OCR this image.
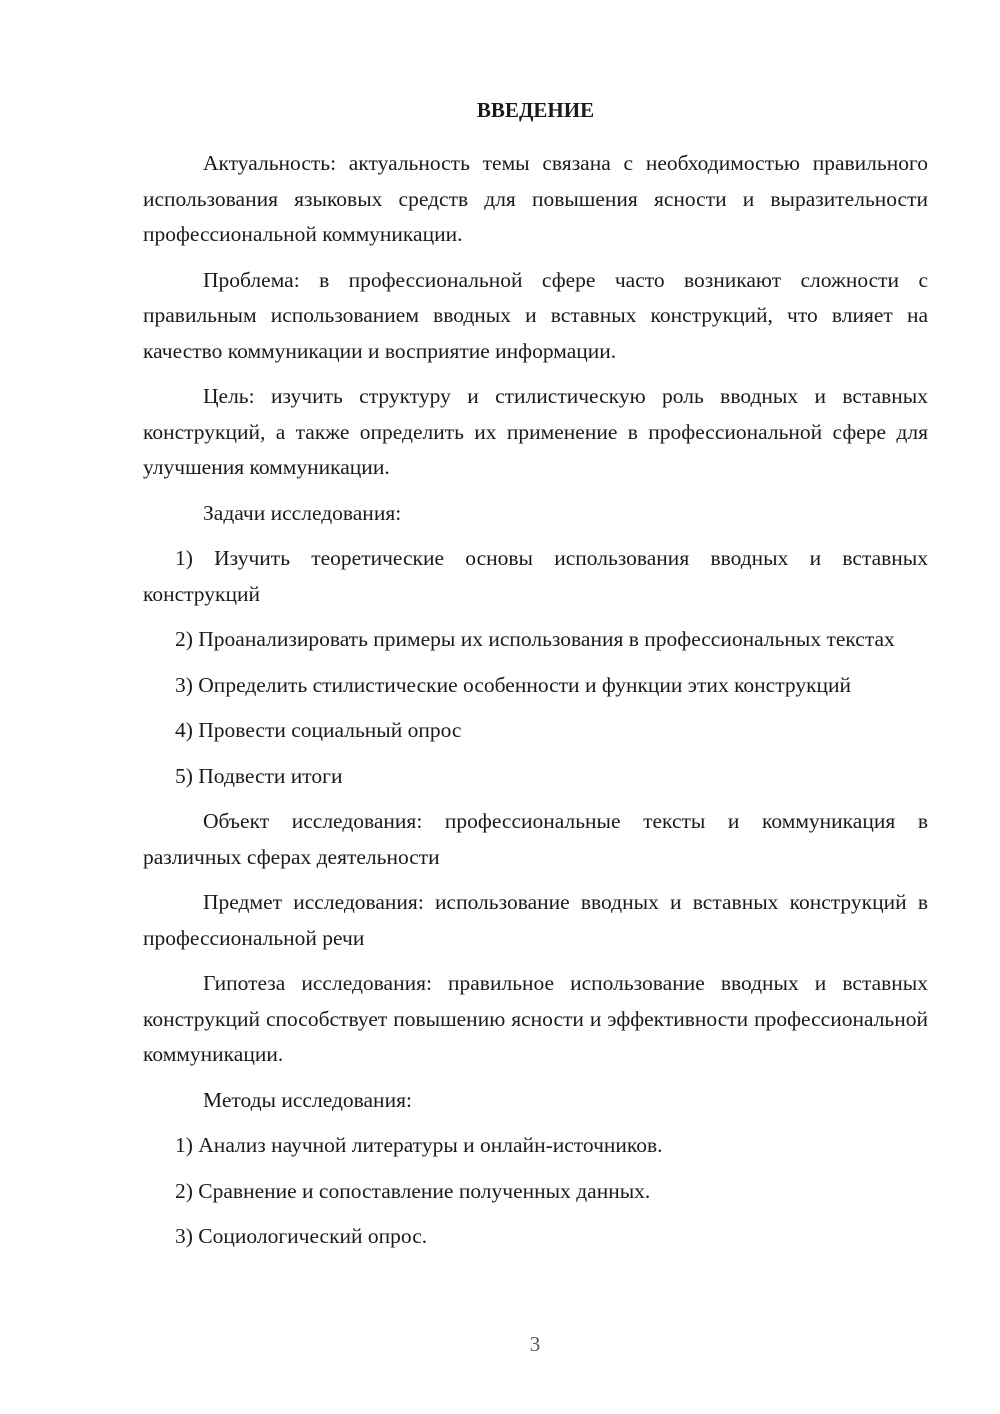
ВВЕДЕНИЕ

Актуальность: актуальность темы связана с необходимостью правильного использования языковых средств для повышения ясности и выразительности профессиональной коммуникации.

Проблема: в профессиональной сфере часто возникают сложности с правильным использованием вводных и вставных конструкций, что влияет на качество коммуникации и восприятие информации.

Цель: изучить структуру и стилистическую роль вводных и вставных конструкций, а также определить их применение в профессиональной сфере для улучшения коммуникации.

Задачи исследования:

1) Изучить теоретические основы использования вводных и вставных конструкций

2) Проанализировать примеры их использования в профессиональных текстах

3) Определить стилистические особенности и функции этих конструкций

4) Провести социальный опрос

5) Подвести итоги

Объект исследования: профессиональные тексты и коммуникация в различных сферах деятельности

Предмет исследования: использование вводных и вставных конструкций в профессиональной речи

Гипотеза исследования: правильное использование вводных и вставных конструкций способствует повышению ясности и эффективности профессиональной коммуникации.

Методы исследования:

1) Анализ научной литературы и онлайн-источников.

2) Сравнение и сопоставление полученных данных.

3) Социологический опрос.

3
